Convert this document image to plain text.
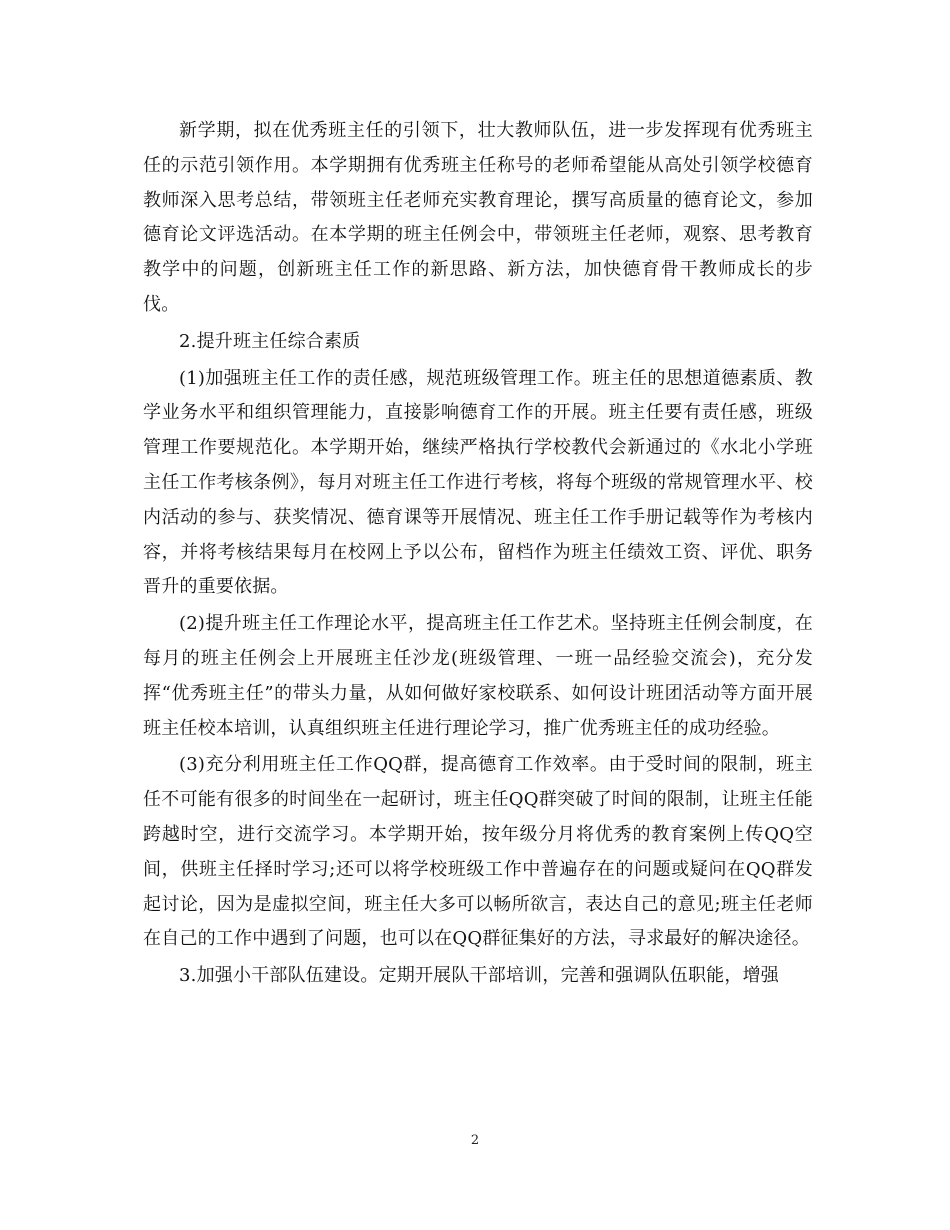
新学期，拟在优秀班主任的引领下，壮大教师队伍，进一步发挥现有优秀班主任的示范引领作用。本学期拥有优秀班主任称号的老师希望能从高处引领学校德育教师深入思考总结，带领班主任老师充实教育理论，撰写高质量的德育论文，参加德育论文评选活动。在本学期的班主任例会中，带领班主任老师，观察、思考教育教学中的问题，创新班主任工作的新思路、新方法，加快德育骨干教师成长的步伐。

2.提升班主任综合素质

(1)加强班主任工作的责任感，规范班级管理工作。班主任的思想道德素质、教学业务水平和组织管理能力，直接影响德育工作的开展。班主任要有责任感，班级管理工作要规范化。本学期开始，继续严格执行学校教代会新通过的《水北小学班主任工作考核条例》，每月对班主任工作进行考核，将每个班级的常规管理水平、校内活动的参与、获奖情况、德育课等开展情况、班主任工作手册记载等作为考核内容，并将考核结果每月在校网上予以公布，留档作为班主任绩效工资、评优、职务晋升的重要依据。

(2)提升班主任工作理论水平，提高班主任工作艺术。坚持班主任例会制度，在每月的班主任例会上开展班主任沙龙(班级管理、一班一品经验交流会)，充分发挥“优秀班主任”的带头力量，从如何做好家校联系、如何设计班团活动等方面开展班主任校本培训，认真组织班主任进行理论学习，推广优秀班主任的成功经验。

(3)充分利用班主任工作QQ群，提高德育工作效率。由于受时间的限制，班主任不可能有很多的时间坐在一起研讨，班主任QQ群突破了时间的限制，让班主任能跨越时空，进行交流学习。本学期开始，按年级分月将优秀的教育案例上传QQ空间，供班主任择时学习;还可以将学校班级工作中普遍存在的问题或疑问在QQ群发起讨论，因为是虚拟空间，班主任大多可以畅所欲言，表达自己的意见;班主任老师在自己的工作中遇到了问题，也可以在QQ群征集好的方法，寻求最好的解决途径。

3.加强小干部队伍建设。定期开展队干部培训，完善和强调队伍职能，增强

2
